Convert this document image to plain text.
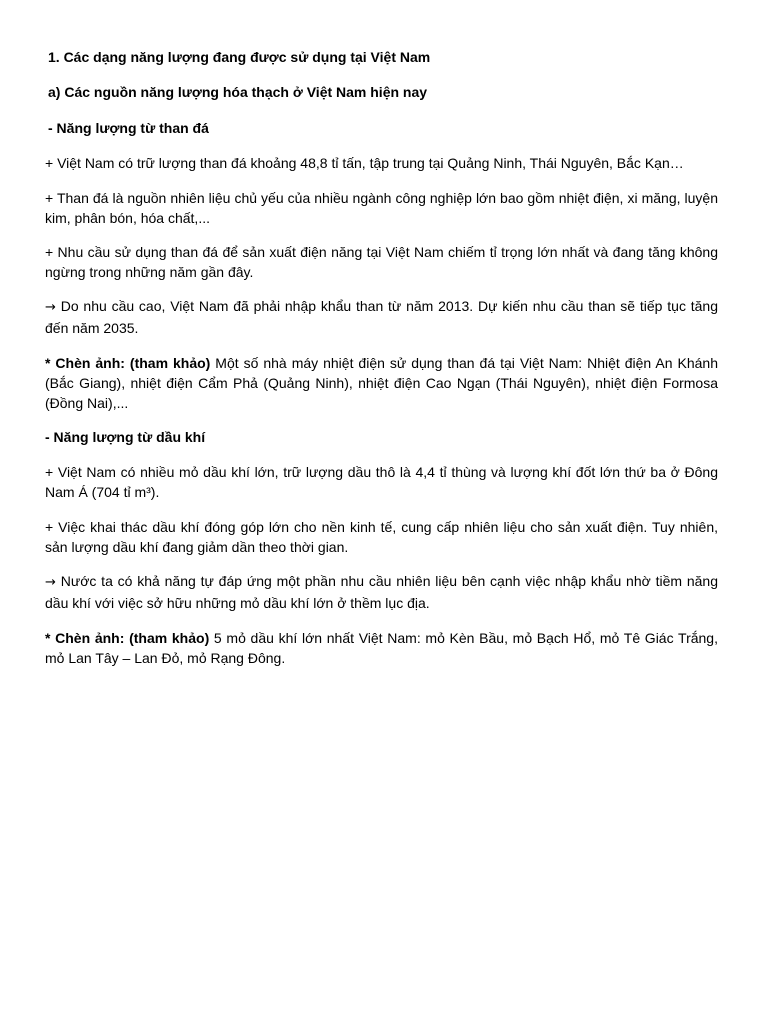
1. Các dạng năng lượng đang được sử dụng tại Việt Nam
a) Các nguồn năng lượng hóa thạch ở Việt Nam hiện nay
- Năng lượng từ than đá
+ Việt Nam có trữ lượng than đá khoảng 48,8 tỉ tấn, tập trung tại Quảng Ninh, Thái Nguyên, Bắc Kạn…
+ Than đá là nguồn nhiên liệu chủ yếu của nhiều ngành công nghiệp lớn bao gồm nhiệt điện, xi măng, luyện kim, phân bón, hóa chất,...
+ Nhu cầu sử dụng than đá để sản xuất điện năng tại Việt Nam chiếm tỉ trọng lớn nhất và đang tăng không ngừng trong những năm gần đây.
→ Do nhu cầu cao, Việt Nam đã phải nhập khẩu than từ năm 2013. Dự kiến nhu cầu than sẽ tiếp tục tăng đến năm 2035.
* Chèn ảnh: (tham khảo) Một số nhà máy nhiệt điện sử dụng than đá tại Việt Nam: Nhiệt điện An Khánh (Bắc Giang), nhiệt điện Cẩm Phả (Quảng Ninh), nhiệt điện Cao Ngạn (Thái Nguyên), nhiệt điện Formosa (Đồng Nai),...
- Năng lượng từ dầu khí
+ Việt Nam có nhiều mỏ dầu khí lớn, trữ lượng dầu thô là 4,4 tỉ thùng và lượng khí đốt lớn thứ ba ở Đông Nam Á (704 tỉ m³).
+ Việc khai thác dầu khí đóng góp lớn cho nền kinh tế, cung cấp nhiên liệu cho sản xuất điện. Tuy nhiên, sản lượng dầu khí đang giảm dần theo thời gian.
→ Nước ta có khả năng tự đáp ứng một phần nhu cầu nhiên liệu bên cạnh việc nhập khẩu nhờ tiềm năng dầu khí với việc sở hữu những mỏ dầu khí lớn ở thềm lục địa.
* Chèn ảnh: (tham khảo) 5 mỏ dầu khí lớn nhất Việt Nam: mỏ Kèn Bầu, mỏ Bạch Hổ, mỏ Tê Giác Trắng, mỏ Lan Tây – Lan Đỏ, mỏ Rạng Đông.
